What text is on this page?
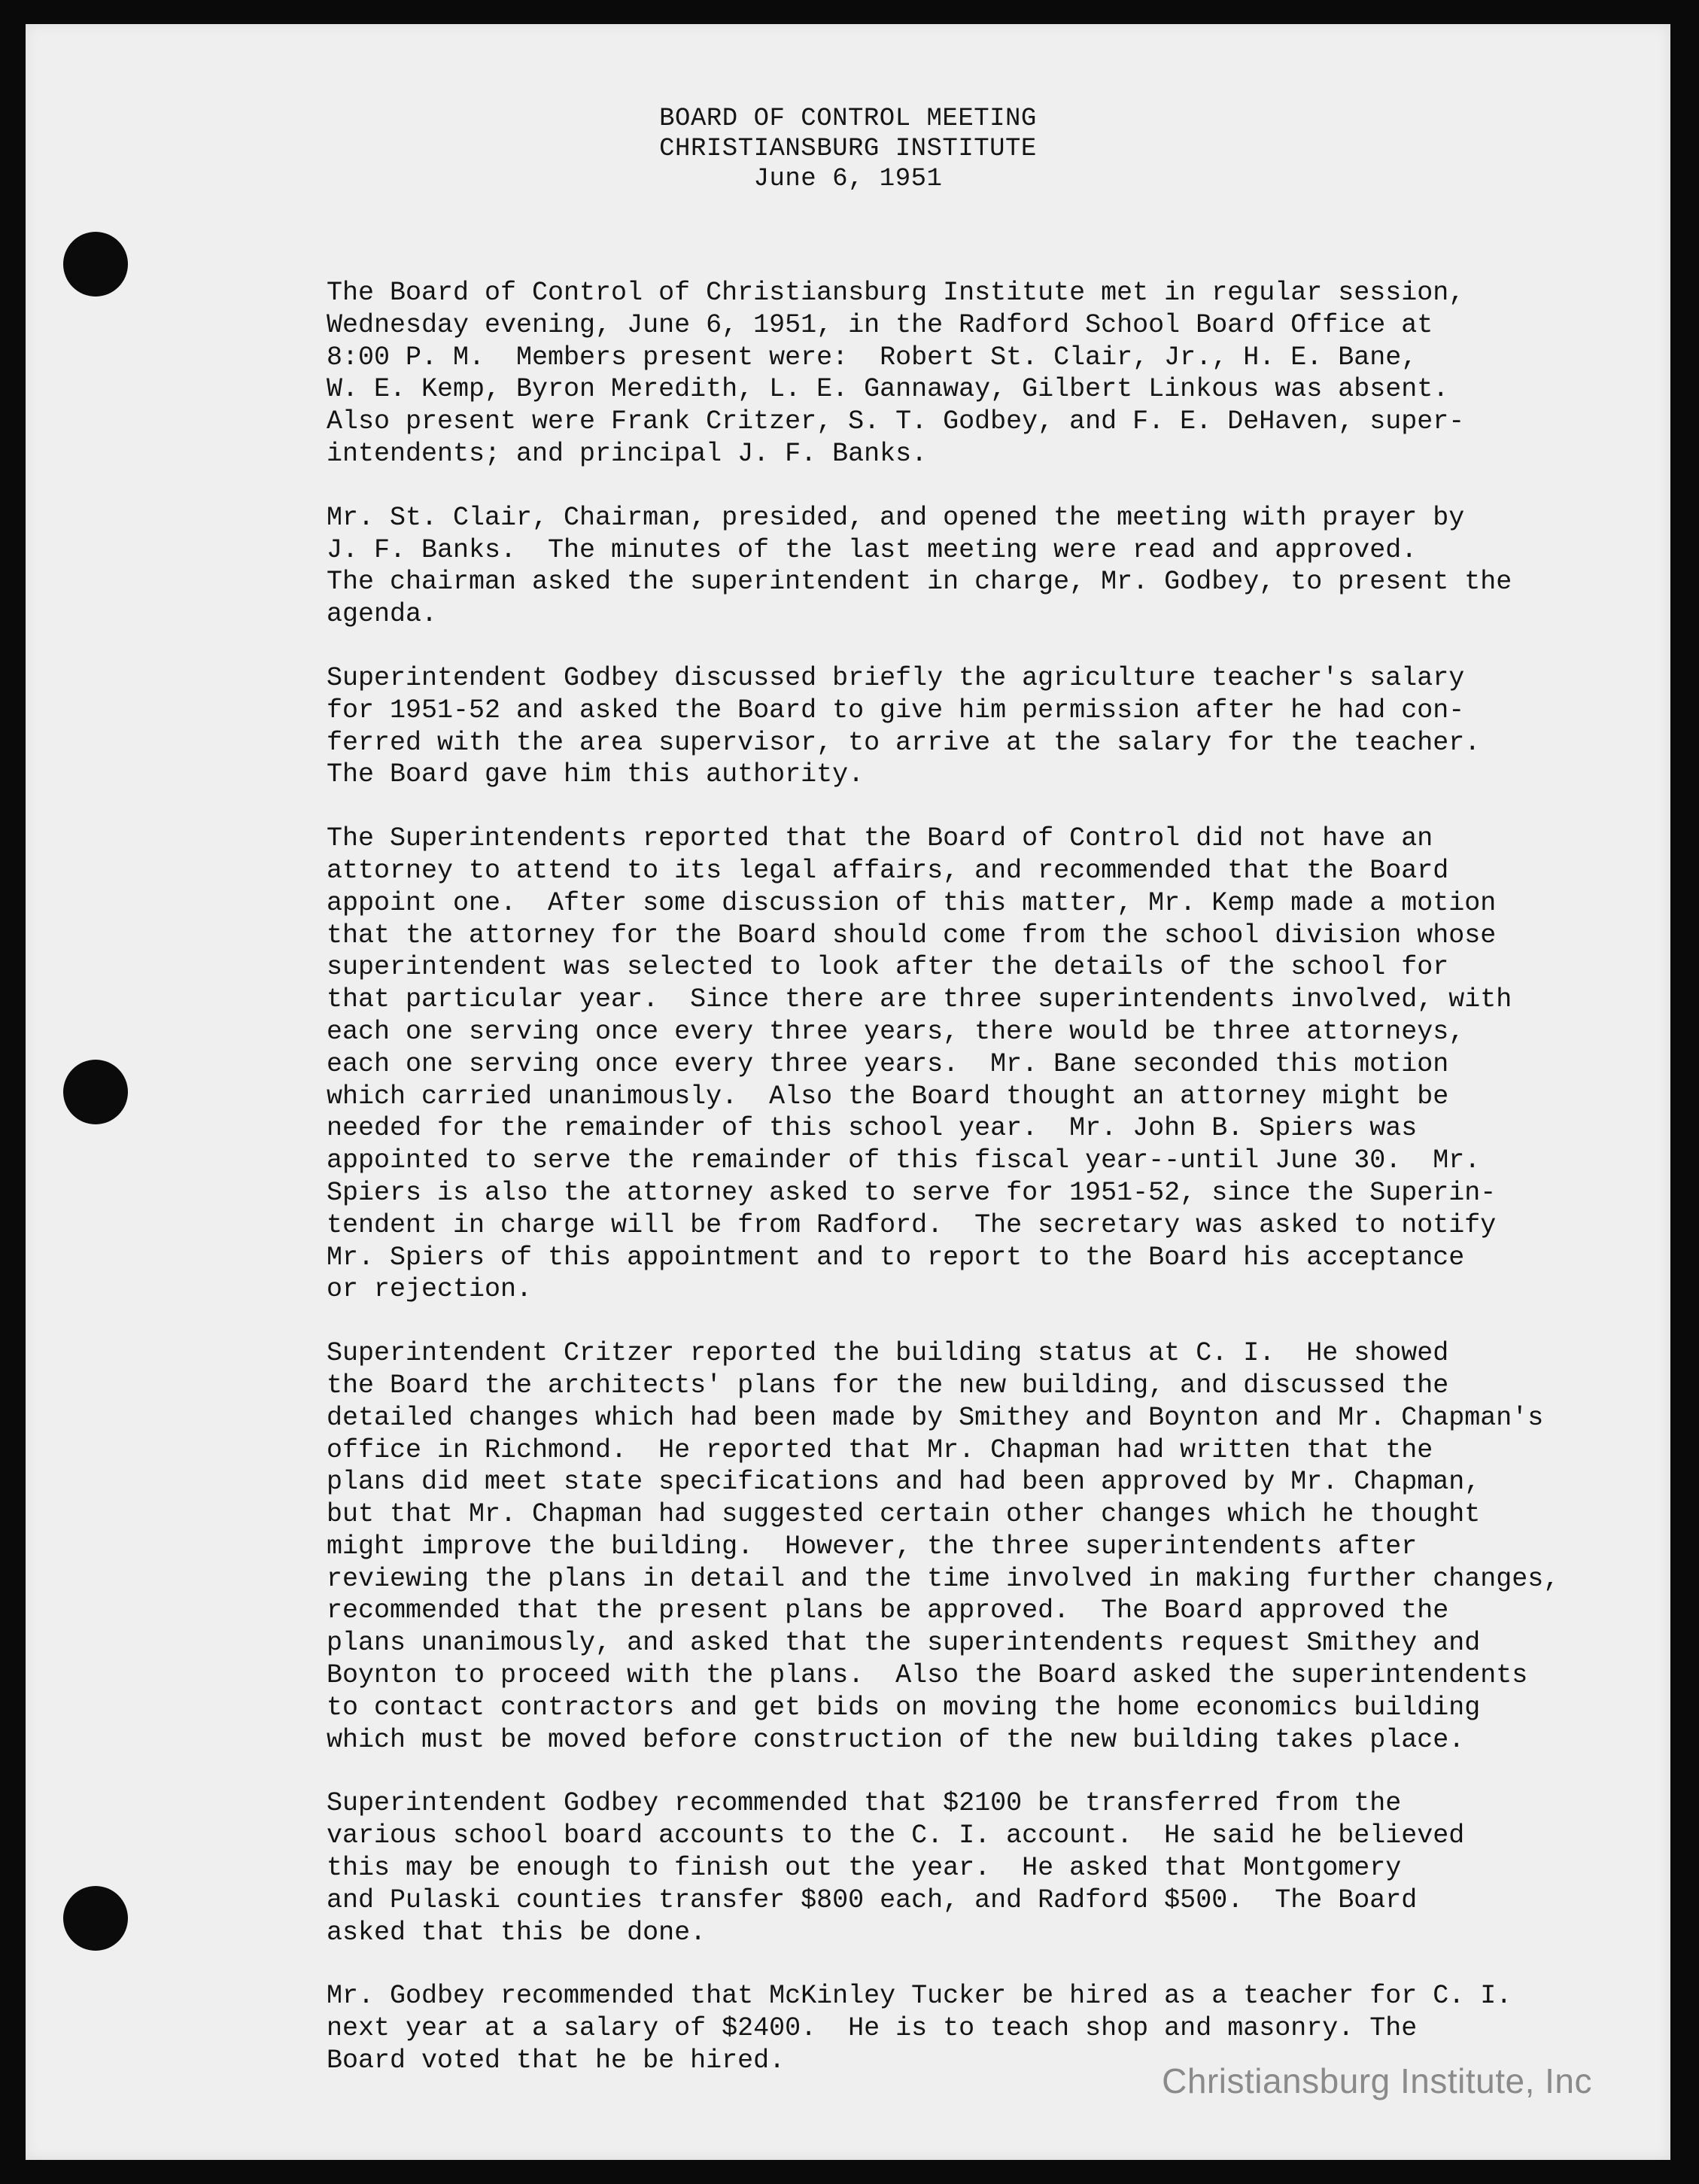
BOARD OF CONTROL MEETING
CHRISTIANSBURG INSTITUTE
June 6, 1951
The Board of Control of Christiansburg Institute met in regular session,
Wednesday evening, June 6, 1951, in the Radford School Board Office at
8:00 P. M.  Members present were:  Robert St. Clair, Jr., H. E. Bane,
W. E. Kemp, Byron Meredith, L. E. Gannaway, Gilbert Linkous was absent.
Also present were Frank Critzer, S. T. Godbey, and F. E. DeHaven, super-
intendents; and principal J. F. Banks.
Mr. St. Clair, Chairman, presided, and opened the meeting with prayer by
J. F. Banks.  The minutes of the last meeting were read and approved.
The chairman asked the superintendent in charge, Mr. Godbey, to present the
agenda.
Superintendent Godbey discussed briefly the agriculture teacher's salary
for 1951-52 and asked the Board to give him permission after he had con-
ferred with the area supervisor, to arrive at the salary for the teacher.
The Board gave him this authority.
The Superintendents reported that the Board of Control did not have an
attorney to attend to its legal affairs, and recommended that the Board
appoint one.  After some discussion of this matter, Mr. Kemp made a motion
that the attorney for the Board should come from the school division whose
superintendent was selected to look after the details of the school for
that particular year.  Since there are three superintendents involved, with
each one serving once every three years, there would be three attorneys,
each one serving once every three years.  Mr. Bane seconded this motion
which carried unanimously.  Also the Board thought an attorney might be
needed for the remainder of this school year.  Mr. John B. Spiers was
appointed to serve the remainder of this fiscal year--until June 30.  Mr.
Spiers is also the attorney asked to serve for 1951-52, since the Superin-
tendent in charge will be from Radford.  The secretary was asked to notify
Mr. Spiers of this appointment and to report to the Board his acceptance
or rejection.
Superintendent Critzer reported the building status at C. I.  He showed
the Board the architects' plans for the new building, and discussed the
detailed changes which had been made by Smithey and Boynton and Mr. Chapman's
office in Richmond.  He reported that Mr. Chapman had written that the
plans did meet state specifications and had been approved by Mr. Chapman,
but that Mr. Chapman had suggested certain other changes which he thought
might improve the building.  However, the three superintendents after
reviewing the plans in detail and the time involved in making further changes,
recommended that the present plans be approved.  The Board approved the
plans unanimously, and asked that the superintendents request Smithey and
Boynton to proceed with the plans.  Also the Board asked the superintendents
to contact contractors and get bids on moving the home economics building
which must be moved before construction of the new building takes place.
Superintendent Godbey recommended that $2100 be transferred from the
various school board accounts to the C. I. account.  He said he believed
this may be enough to finish out the year.  He asked that Montgomery
and Pulaski counties transfer $800 each, and Radford $500.  The Board
asked that this be done.
Mr. Godbey recommended that McKinley Tucker be hired as a teacher for C. I.
next year at a salary of $2400.  He is to teach shop and masonry. The
Board voted that he be hired.
Christiansburg Institute, Inc
